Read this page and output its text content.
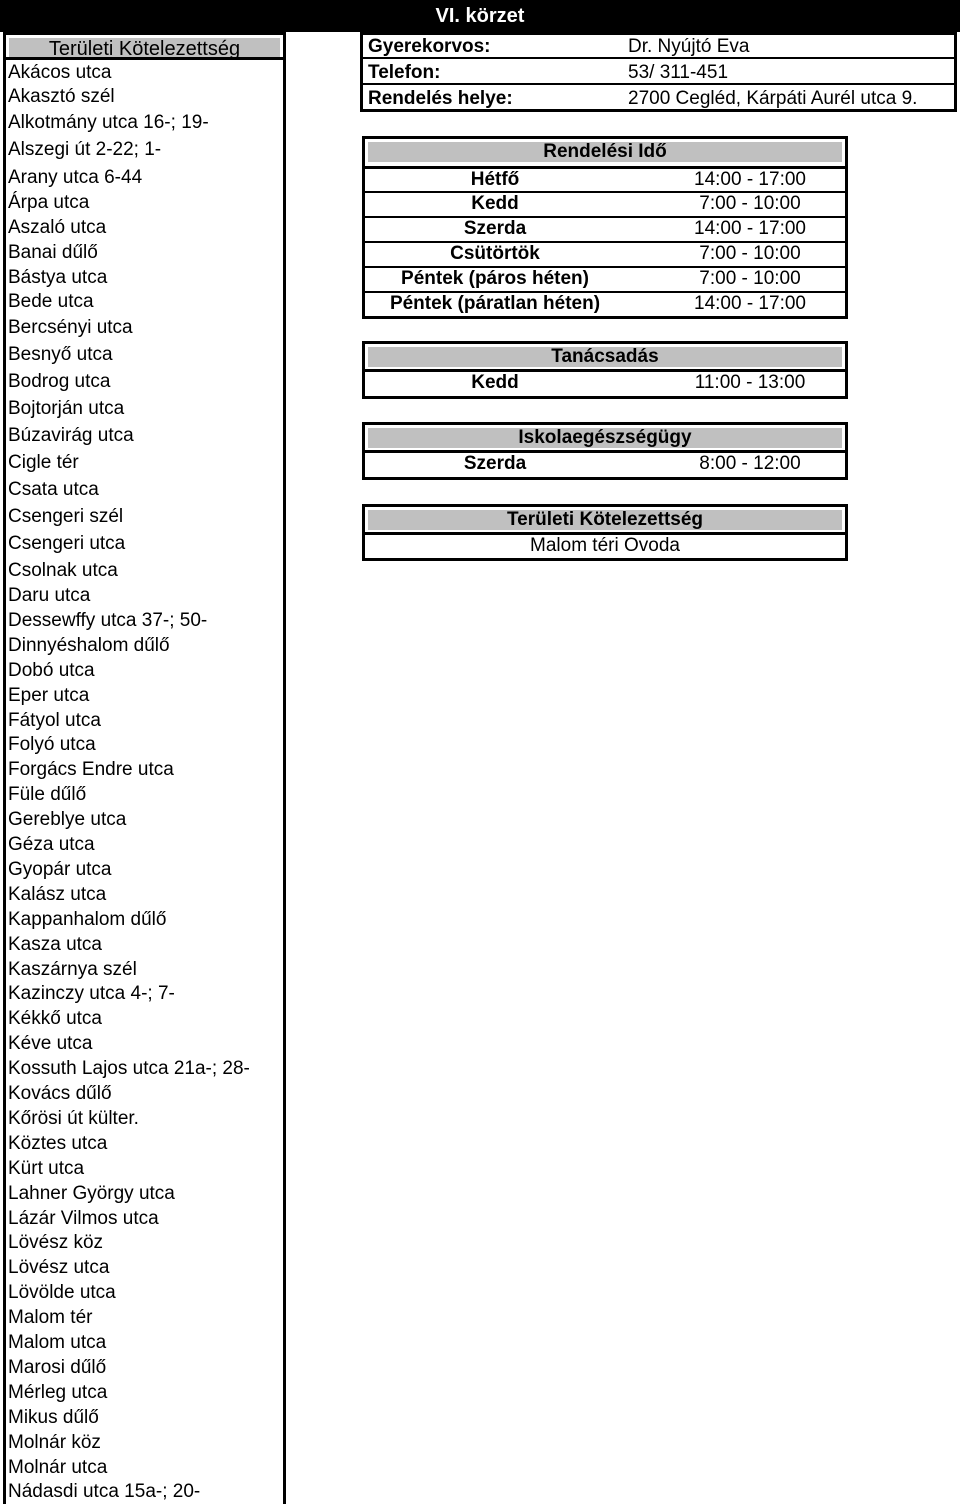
VI. körzet
Területi Kötelezettség
Akácos utca
Akasztó szél
Alkotmány utca 16-; 19-
Alszegi út 2-22; 1-
Arany utca 6-44
Árpa utca
Aszaló utca
Banai dűlő
Bástya utca
Bede utca
Bercsényi utca
Besnyő utca
Bodrog utca
Bojtorján utca
Búzavirág utca
Cigle tér
Csata utca
Csengeri szél
Csengeri utca
Csolnak utca
Daru utca
Dessewffy utca 37-; 50-
Dinnyéshalom dűlő
Dobó utca
Eper utca
Fátyol utca
Folyó utca
Forgács Endre utca
Füle dűlő
Gereblye utca
Géza utca
Gyopár utca
Kalász utca
Kappanhalom dűlő
Kasza utca
Kaszárnya szél
Kazinczy utca 4-; 7-
Kékkő utca
Kéve utca
Kossuth Lajos utca 21a-; 28-
Kovács dűlő
Kőrösi út külter.
Köztes utca
Kürt utca
Lahner György utca
Lázár Vilmos utca
Lövész köz
Lövész utca
Lövölde utca
Malom tér
Malom utca
Marosi dűlő
Mérleg utca
Mikus dűlő
Molnár köz
Molnár utca
Nádasdi utca 15a-; 20-
Gyerekorvos:	Dr. Nyújtó Eva
Telefon:	53/ 311-451
Rendelés helye:	2700 Cegléd, Kárpáti Aurél utca 9.
Rendelési Idő
Hétfő	14:00 - 17:00
Kedd	7:00 - 10:00
Szerda	14:00 - 17:00
Csütörtök	7:00 - 10:00
Péntek (páros héten)	7:00 - 10:00
Péntek (páratlan héten)	14:00 - 17:00
Tanácsadás
Kedd	11:00 - 13:00
Iskolaegészségügy
Szerda	8:00 - 12:00
Területi Kötelezettség
Malom téri Ovoda
